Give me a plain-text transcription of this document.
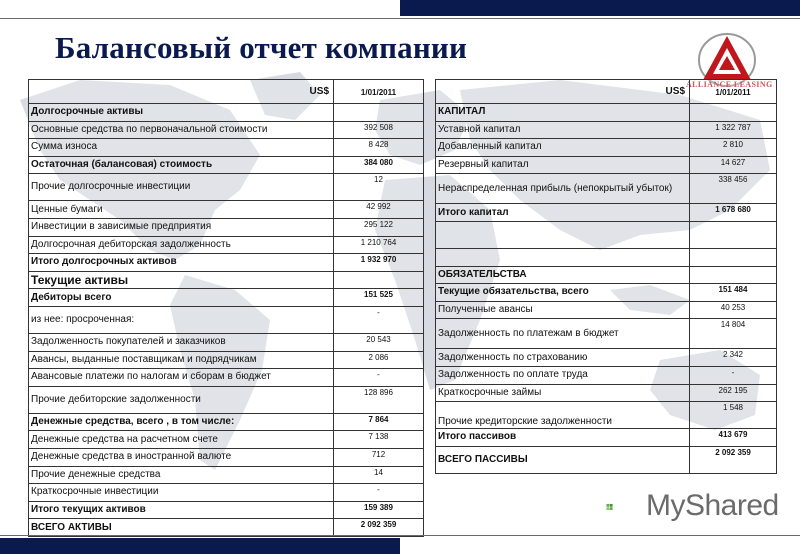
Балансовый отчет компании
ALLIANCE LEASING
US$	1/01/2011
Долгосрочные активы	
Основные средства по первоначальной стоимости	392 508
Сумма износа	8 428
Остаточная (балансовая) стоимость	384 080
Прочие долгосрочные инвестиции	12
Ценные бумаги	42 992
Инвестиции в зависимые предприятия	295 122
Долгосрочная дебиторская задолженность	1 210 764
Итого долгосрочных активов	1 932 970
Текущие активы	
Дебиторы всего	151 525
из нее: просроченная:	-
Задолженность покупателей и заказчиков	20 543
Авансы, выданные поставщикам и подрядчикам	2 086
Авансовые платежи по налогам и сборам в бюджет	-
Прочие дебиторские задолженности	128 896
Денежные средства, всего , в том числе:	7 864
Денежные средства на расчетном счете	7 138
Денежные средства в иностранной валюте	712
Прочие денежные средства	14
Краткосрочные инвестиции	-
Итого текущих активов	159 389
ВСЕГО АКТИВЫ	2 092 359
US$	1/01/2011
КАПИТАЛ	
Уставной капитал	1 322 787
Добавленный капитал	2 810
Резервный капитал	14 627
Нераспределенная прибыль (непокрытый убыток)	338 456
Итого капитал	1 678 680

ОБЯЗАТЕЛЬСТВА	
Текущие обязательства, всего	151 484
Полученные авансы	40 253
Задолженность по платежам в бюджет	14 804
Задолженность по страхованию	2 342
Задолженность по оплате труда	-
Краткосрочные займы	262 195
Прочие кредиторские задолженности	1 548
Итого пассивов	413 679
ВСЕГО ПАССИВЫ	2 092 359
MyShared
